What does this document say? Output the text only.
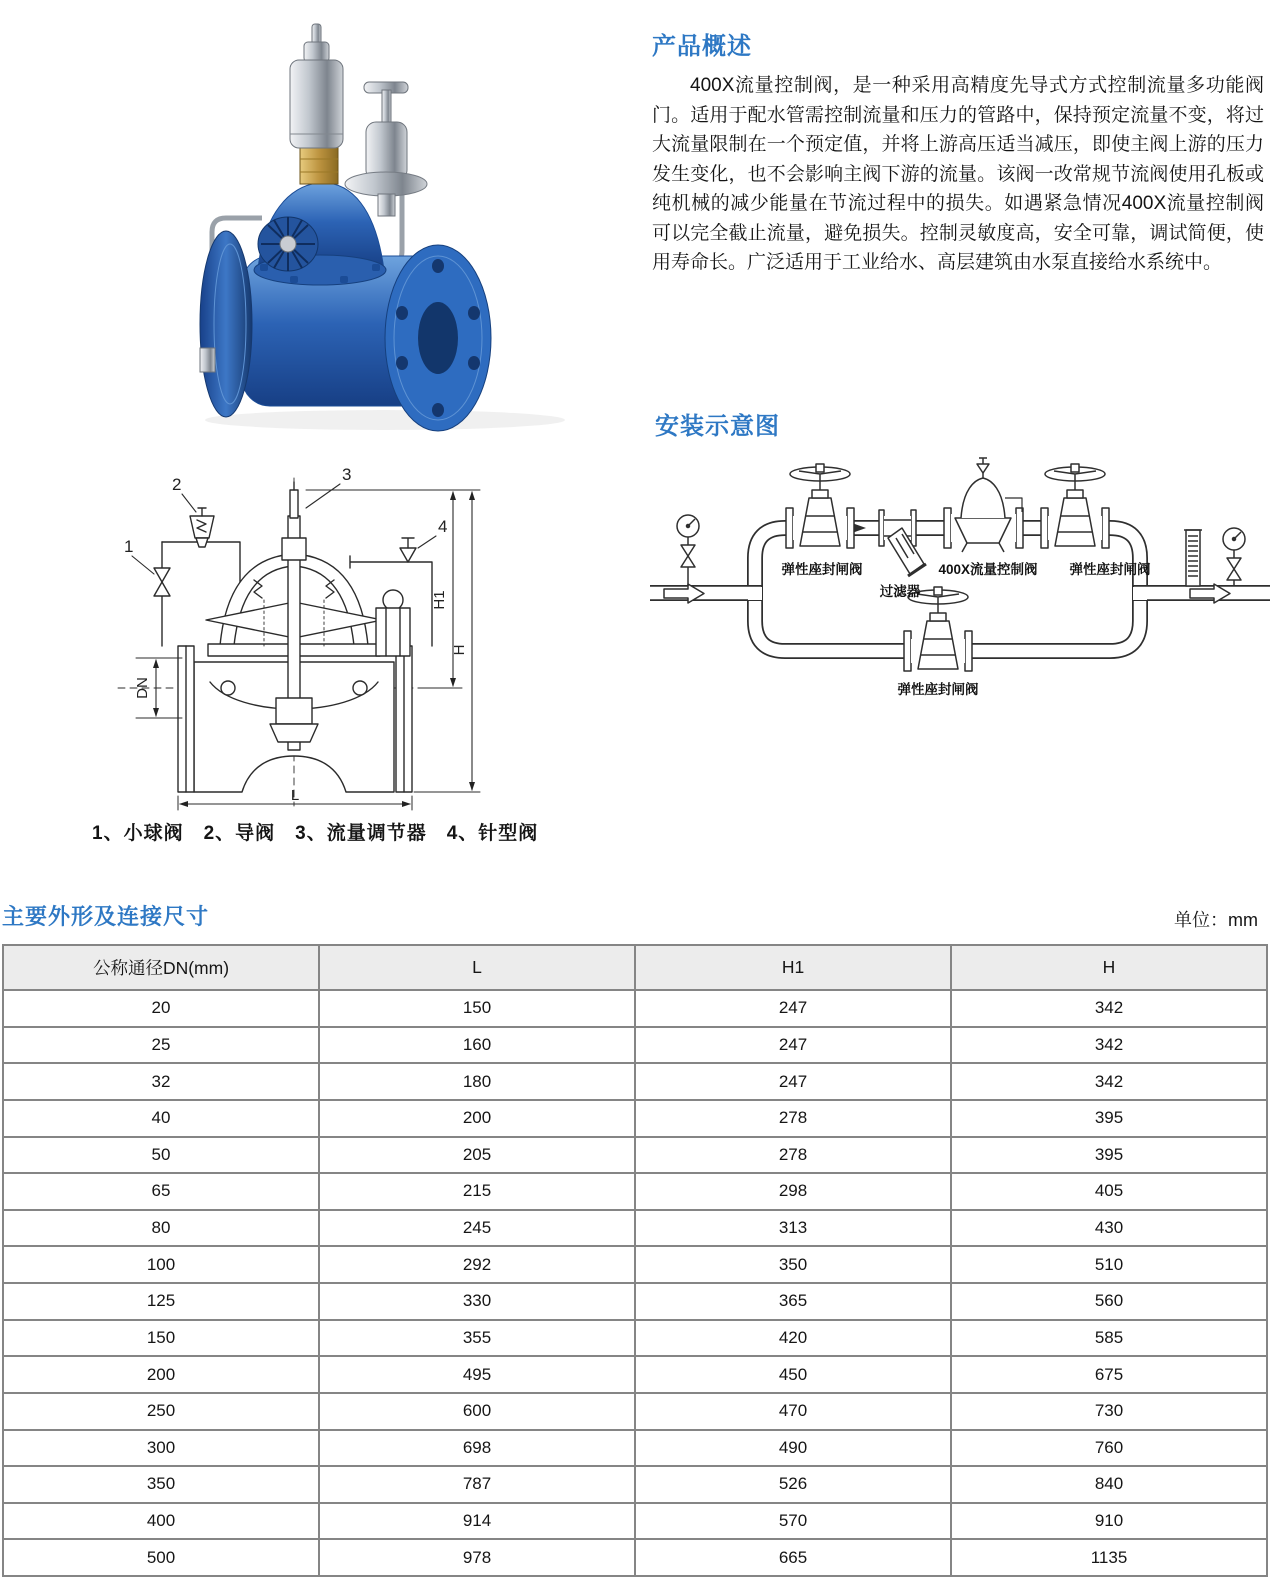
产品概述

400X流量控制阀，是一种采用高精度先导式方式控制流量多功能阀门。适用于配水管需控制流量和压力的管路中，保持预定流量不变，将过大流量限制在一个预定值，并将上游高压适当减压，即使主阀上游的压力发生变化，也不会影响主阀下游的流量。该阀一改常规节流阀使用孔板或纯机械的减少能量在节流过程中的损失。如遇紧急情况400X流量控制阀可以完全截止流量，避免损失。控制灵敏度高，安全可靠，调试简便，使用寿命长。广泛适用于工业给水、高层建筑由水泵直接给水系统中。

安装示意图
弹性座封闸阀
过滤器
400X流量控制阀 弹性座封闸阀
弹性座封闸阀
H1
H
DN
L
1
2
3
4
1、小球阀　2、导阀　3、流量调节器　4、针型阀
主要外形及连接尺寸	单位：mm
公称通径DN(mm)	L	H1	H
20	150	247	342
25	160	247	342
32	180	247	342
40	200	278	395
50	205	278	395
65	215	298	405
80	245	313	430
100	292	350	510
125	330	365	560
150	355	420	585
200	495	450	675
250	600	470	730
300	698	490	760
350	787	526	840
400	914	570	910
500	978	665	1135
